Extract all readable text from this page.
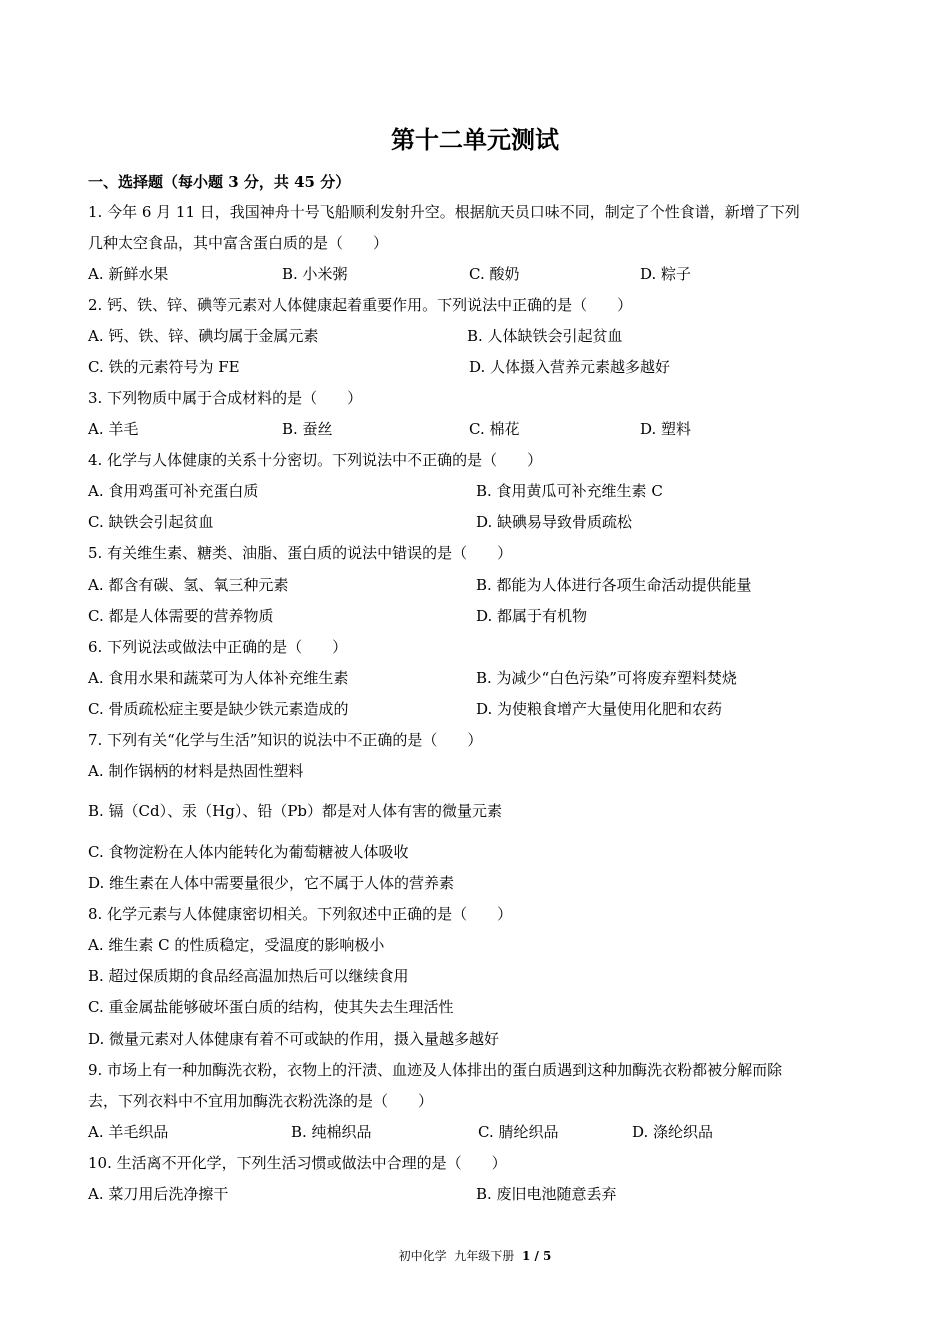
第十二单元测试
一、选择题（每小题 3 分，共 45 分）
1. 今年 6 月 11 日，我国神舟十号飞船顺利发射升空。根据航天员口味不同，制定了个性食谱，新增了下列
几种太空食品，其中富含蛋白质的是（　　）
A. 新鲜水果	B. 小米粥	C. 酸奶	D. 粽子
2. 钙、铁、锌、碘等元素对人体健康起着重要作用。下列说法中正确的是（　　）
A. 钙、铁、锌、碘均属于金属元素	B. 人体缺铁会引起贫血
C. 铁的元素符号为 FE	D. 人体摄入营养元素越多越好
3. 下列物质中属于合成材料的是（　　）
A. 羊毛	B. 蚕丝	C. 棉花	D. 塑料
4. 化学与人体健康的关系十分密切。下列说法中不正确的是（　　）
A. 食用鸡蛋可补充蛋白质	B. 食用黄瓜可补充维生素 C
C. 缺铁会引起贫血	D. 缺碘易导致骨质疏松
5. 有关维生素、糖类、油脂、蛋白质的说法中错误的是（　　）
A. 都含有碳、氢、氧三种元素	B. 都能为人体进行各项生命活动提供能量
C. 都是人体需要的营养物质	D. 都属于有机物
6. 下列说法或做法中正确的是（　　）
A. 食用水果和蔬菜可为人体补充维生素	B. 为减少“白色污染”可将废弃塑料焚烧
C. 骨质疏松症主要是缺少铁元素造成的	D. 为使粮食增产大量使用化肥和农药
7. 下列有关“化学与生活”知识的说法中不正确的是（　　）
A. 制作锅柄的材料是热固性塑料
B. 镉（Cd）、汞（Hg）、铅（Pb）都是对人体有害的微量元素
C. 食物淀粉在人体内能转化为葡萄糖被人体吸收
D. 维生素在人体中需要量很少，它不属于人体的营养素
8. 化学元素与人体健康密切相关。下列叙述中正确的是（　　）
A. 维生素 C 的性质稳定，受温度的影响极小
B. 超过保质期的食品经高温加热后可以继续食用
C. 重金属盐能够破坏蛋白质的结构，使其失去生理活性
D. 微量元素对人体健康有着不可或缺的作用，摄入量越多越好
9. 市场上有一种加酶洗衣粉，衣物上的汗渍、血迹及人体排出的蛋白质遇到这种加酶洗衣粉都被分解而除
去，下列衣料中不宜用加酶洗衣粉洗涤的是（　　）
A. 羊毛织品	B. 纯棉织品	C. 腈纶织品	D. 涤纶织品
10. 生活离不开化学，下列生活习惯或做法中合理的是（　　）
A. 菜刀用后洗净擦干	B. 废旧电池随意丢弃
初中化学 九年级下册 1 / 5
